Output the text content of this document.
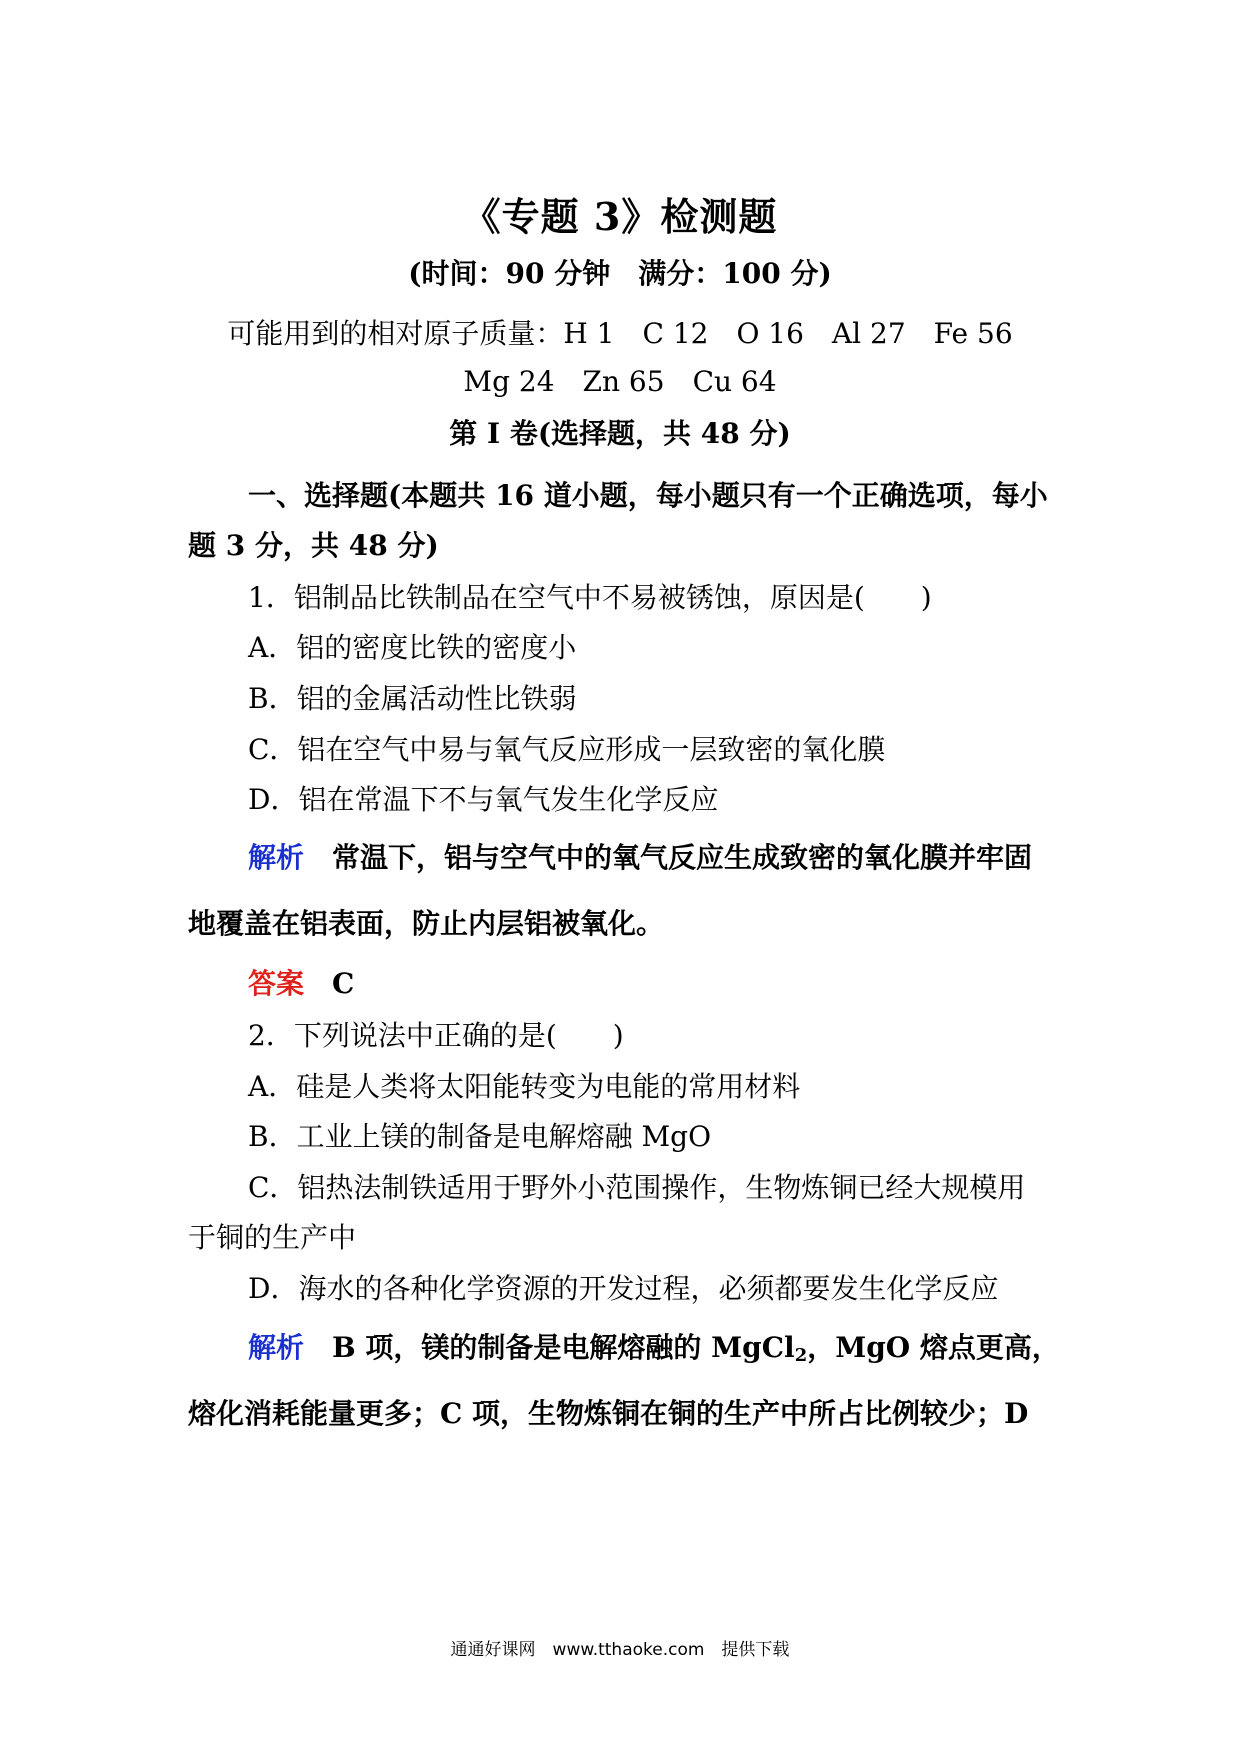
《专题 3》检测题
(时间：90 分钟　满分：100 分)
可能用到的相对原子质量：H 1　C 12　O 16　Al 27　Fe 56
Mg 24　Zn 65　Cu 64
第 I 卷(选择题，共 48 分)
一、选择题(本题共 16 道小题，每小题只有一个正确选项，每小
题 3 分，共 48 分)
1．铝制品比铁制品在空气中不易被锈蚀，原因是(　　)
A．铝的密度比铁的密度小
B．铝的金属活动性比铁弱
C．铝在空气中易与氧气反应形成一层致密的氧化膜
D．铝在常温下不与氧气发生化学反应
解析 常温下，铝与空气中的氧气反应生成致密的氧化膜并牢固
地覆盖在铝表面，防止内层铝被氧化。
答案 C
2．下列说法中正确的是(　　)
A．硅是人类将太阳能转变为电能的常用材料
B．工业上镁的制备是电解熔融 MgO
C．铝热法制铁适用于野外小范围操作，生物炼铜已经大规模用
于铜的生产中
D．海水的各种化学资源的开发过程，必须都要发生化学反应
解析 B 项，镁的制备是电解熔融的 MgCl$_2$，MgO 熔点更高，
熔化消耗能量更多；C 项，生物炼铜在铜的生产中所占比例较少；D
通通好课网　www.tthaoke.com　提供下载
